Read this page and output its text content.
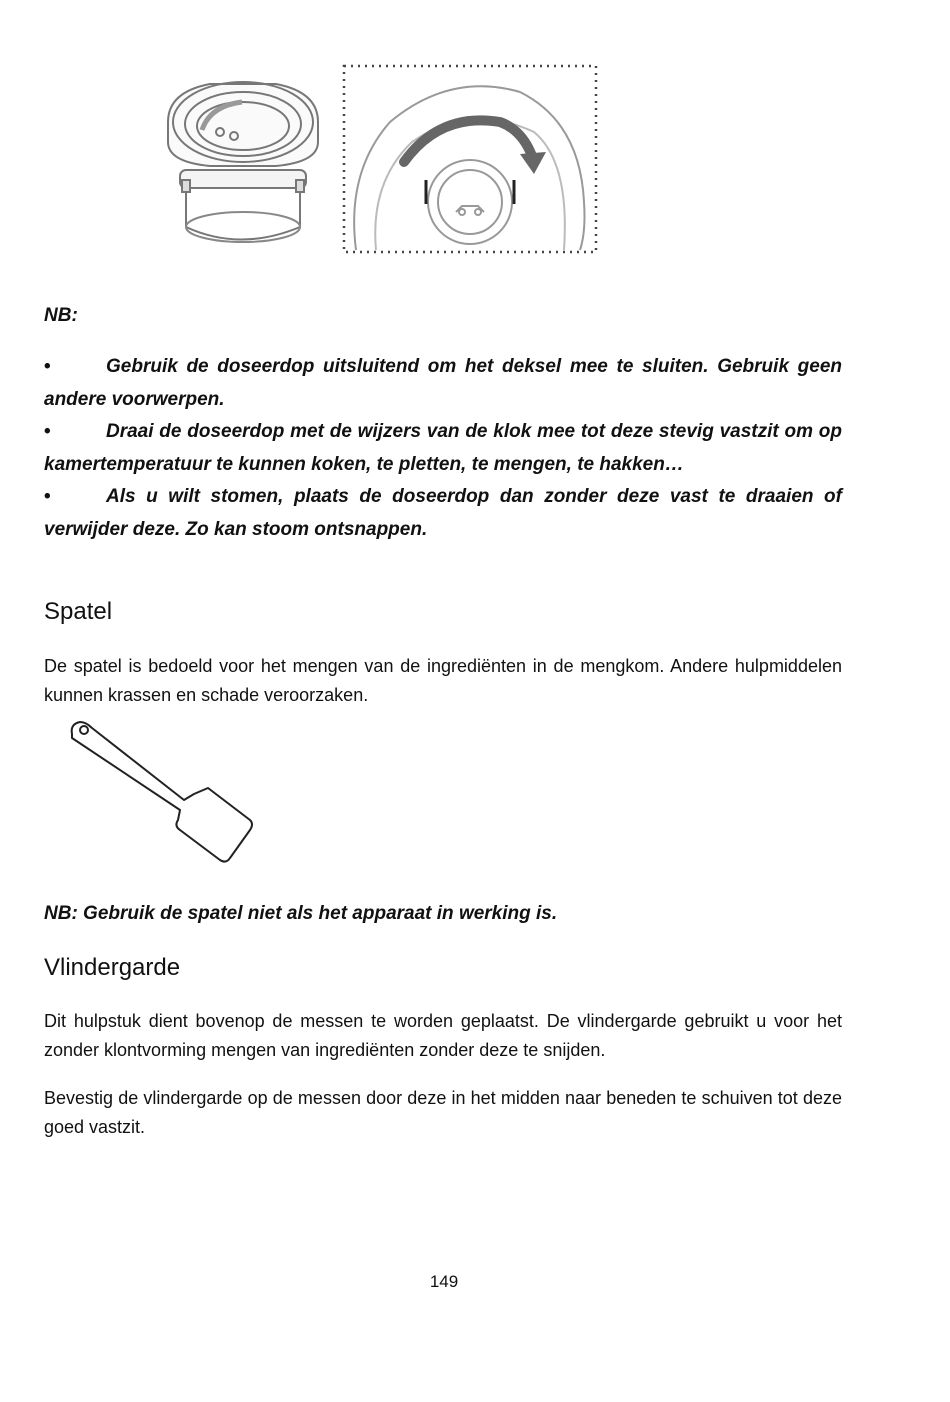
NB:
•	Gebruik de doseerdop uitsluitend om het deksel mee te sluiten. Gebruik geen andere voorwerpen.
•	Draai de doseerdop met de wijzers van de klok mee tot deze stevig vastzit om op kamertemperatuur te kunnen koken, te pletten, te mengen, te hakken…
•	Als u wilt stomen, plaats de doseerdop dan zonder deze vast te draaien of verwijder deze. Zo kan stoom ontsnappen.
Spatel

De spatel is bedoeld voor het mengen van de ingrediënten in de mengkom. Andere hulpmiddelen kunnen krassen en schade veroorzaken.

NB: Gebruik de spatel niet als het apparaat in werking is.
Vlindergarde

Dit hulpstuk dient bovenop de messen te worden geplaatst. De vlindergarde gebruikt u voor het zonder klontvorming mengen van ingrediënten zonder deze te snijden.

Bevestig de vlindergarde op de messen door deze in het midden naar beneden te schuiven tot deze goed vastzit.

149
